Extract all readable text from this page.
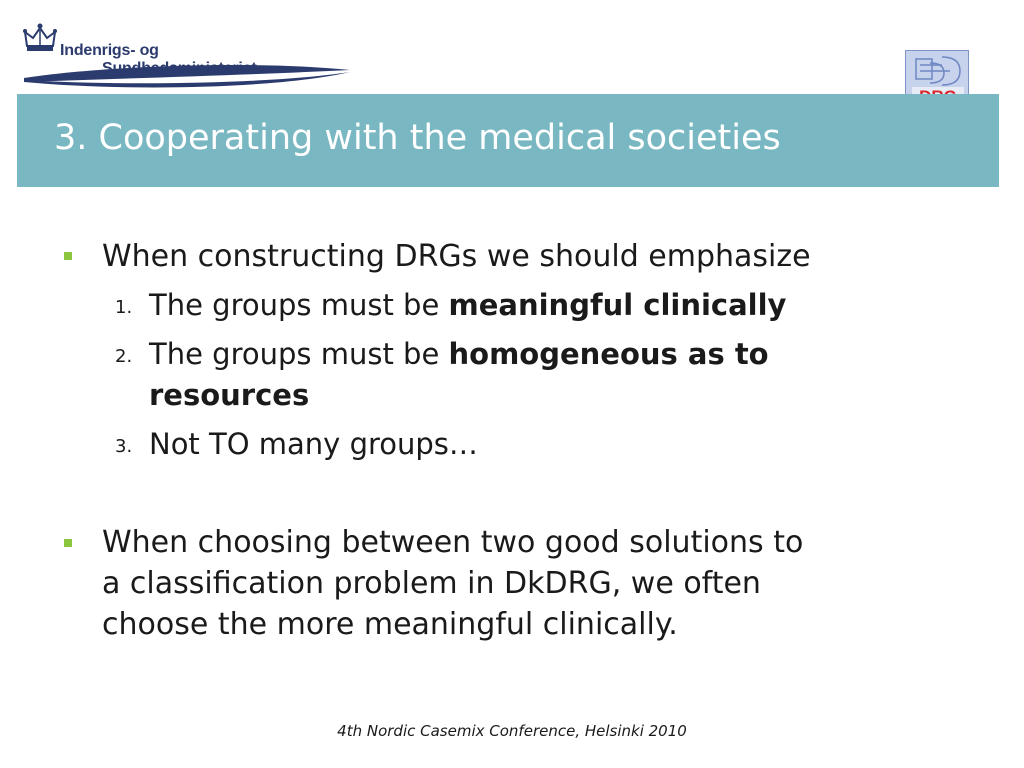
Indenrigs- og
Sundhedsministeriet
3. Cooperating with the medical societies
When constructing DRGs we should emphasize
1. The groups must be meaningful clinically
2. The groups must be homogeneous as to
resources
3. Not TO many groups…
When choosing between two good solutions to
a classification problem in DkDRG, we often
choose the more meaningful clinically.
4th Nordic Casemix Conference, Helsinki 2010
